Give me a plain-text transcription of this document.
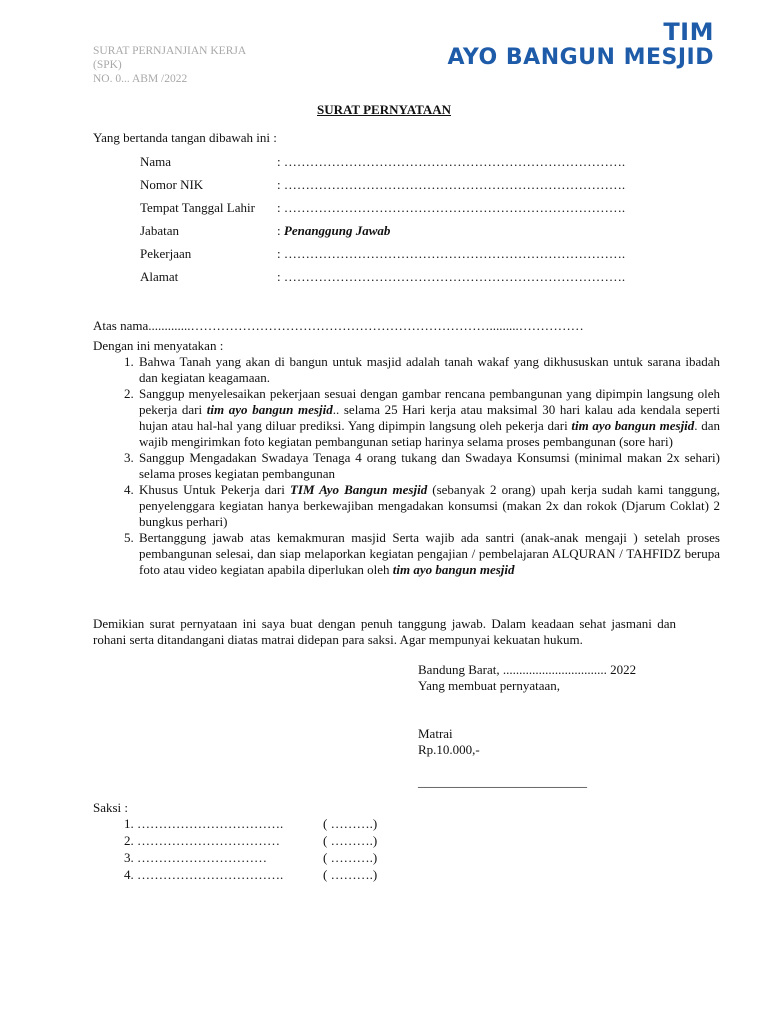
SURAT PERNJANJIAN KERJA
(SPK)
NO. 0... ABM /2022
TIM
AYO BANGUN MESJID
SURAT PERNYATAAN
Yang bertanda tangan dibawah ini :
Nama	: …………………………………………………………………….
Nomor NIK	: …………………………………………………………………….
Tempat Tanggal Lahir : …………………………………………………………………….
Jabatan	: Penanggung Jawab
Pekerjaan	: …………………………………………………………………….
Alamat	: …………………………………………………………………….
Atas nama.............…………………………………………………………….........……………
Dengan ini menyatakan :
1. Bahwa Tanah yang akan di bangun untuk masjid adalah tanah wakaf yang dikhususkan untuk sarana ibadah dan kegiatan keagamaan.
2. Sanggup menyelesaikan pekerjaan sesuai dengan gambar rencana pembangunan yang dipimpin langsung oleh pekerja dari tim ayo bangun mesjid.. selama 25 Hari kerja atau maksimal 30 hari kalau ada kendala seperti hujan atau hal-hal yang diluar prediksi. Yang dipimpin langsung oleh pekerja dari tim ayo bangun mesjid. dan wajib mengirimkan foto kegiatan pembangunan setiap harinya selama proses pembangunan (sore hari)
3. Sanggup Mengadakan Swadaya Tenaga 4 orang tukang dan Swadaya Konsumsi (minimal makan 2x sehari) selama proses kegiatan pembangunan
4. Khusus Untuk Pekerja dari TIM Ayo Bangun mesjid (sebanyak 2 orang) upah kerja sudah kami tanggung, penyelenggara kegiatan hanya berkewajiban mengadakan konsumsi (makan 2x dan rokok (Djarum Coklat) 2 bungkus perhari)
5. Bertanggung jawab atas kemakmuran masjid Serta wajib ada santri (anak-anak mengaji ) setelah proses pembangunan selesai, dan siap melaporkan kegiatan pengajian / pembelajaran ALQURAN / TAHFIDZ berupa foto atau video kegiatan apabila diperlukan oleh tim ayo bangun mesjid
Demikian surat pernyataan ini saya buat dengan penuh tanggung jawab. Dalam keadaan sehat jasmani dan rohani serta ditandangani diatas matrai didepan para saksi. Agar mempunyai kekuatan hukum.
Bandung Barat, ................................ 2022
Yang membuat pernyataan,
Matrai
Rp.10.000,-
__________________________
Saksi :
1. …………………………….	( ……….)
2. ……………………………	( ……….)
3. …………………………	( ……….)
4. …………………………….	( ……….)
